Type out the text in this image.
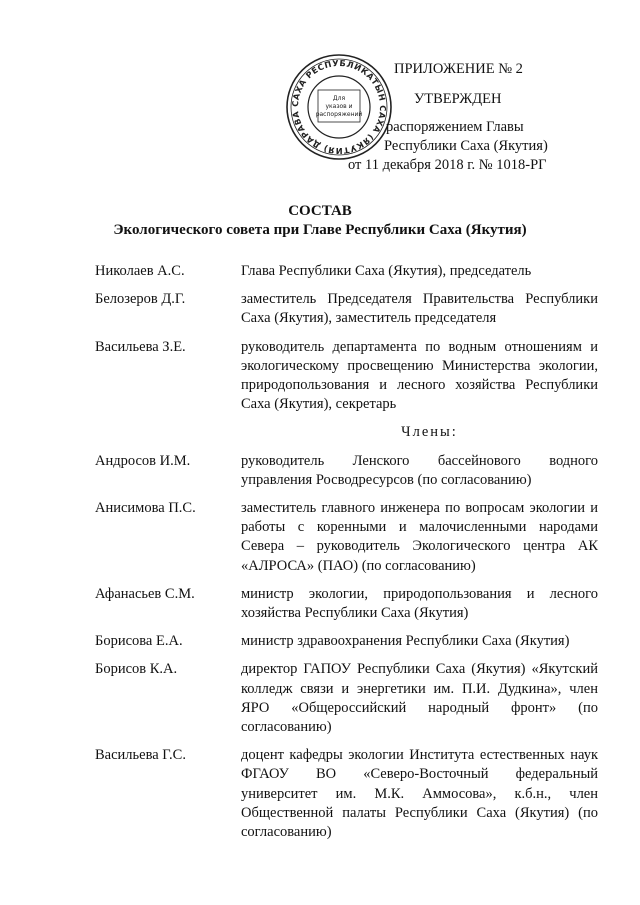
САХА РЕСПУБЛИКАТЫН САХА (ЯКУТИЯ) ДАРАВА
Для
указов и
распоряжений
ПРИЛОЖЕНИЕ № 2
УТВЕРЖДЕН
распоряжением Главы
Республики Саха (Якутия)
от 11 декабря 2018 г. № 1018-РГ
СОСТАВ
Экологического совета при Главе Республики Саха (Якутия)
Николаев А.С.	Глава Республики Саха (Якутия), председатель
Белозеров Д.Г.	заместитель Председателя Правительства Республики Саха (Якутия), заместитель председателя
Васильева З.Е.	руководитель департамента по водным отношениям и экологическому просвещению Министерства экологии, природопользования и лесного хозяйства Республики Саха (Якутия), секретарь
Члены:
Андросов И.М.	руководитель Ленского бассейнового водного управления Росводресурсов (по согласованию)
Анисимова П.С.	заместитель главного инженера по вопросам экологии и работы с коренными и малочисленными народами Севера – руководитель Экологического центра АК «АЛРОСА» (ПАО) (по согласованию)
Афанасьев С.М.	министр экологии, природопользования и лесного хозяйства Республики Саха (Якутия)
Борисова Е.А.	министр здравоохранения Республики Саха (Якутия)
Борисов К.А.	директор ГАПОУ Республики Саха (Якутия) «Якутский колледж связи и энергетики им. П.И. Дудкина», член ЯРО «Общероссийский народный фронт» (по согласованию)
Васильева Г.С.	доцент кафедры экологии Института естественных наук ФГАОУ ВО «Северо-Восточный федеральный университет им. М.К. Аммосова», к.б.н., член Общественной палаты Республики Саха (Якутия) (по согласованию)
